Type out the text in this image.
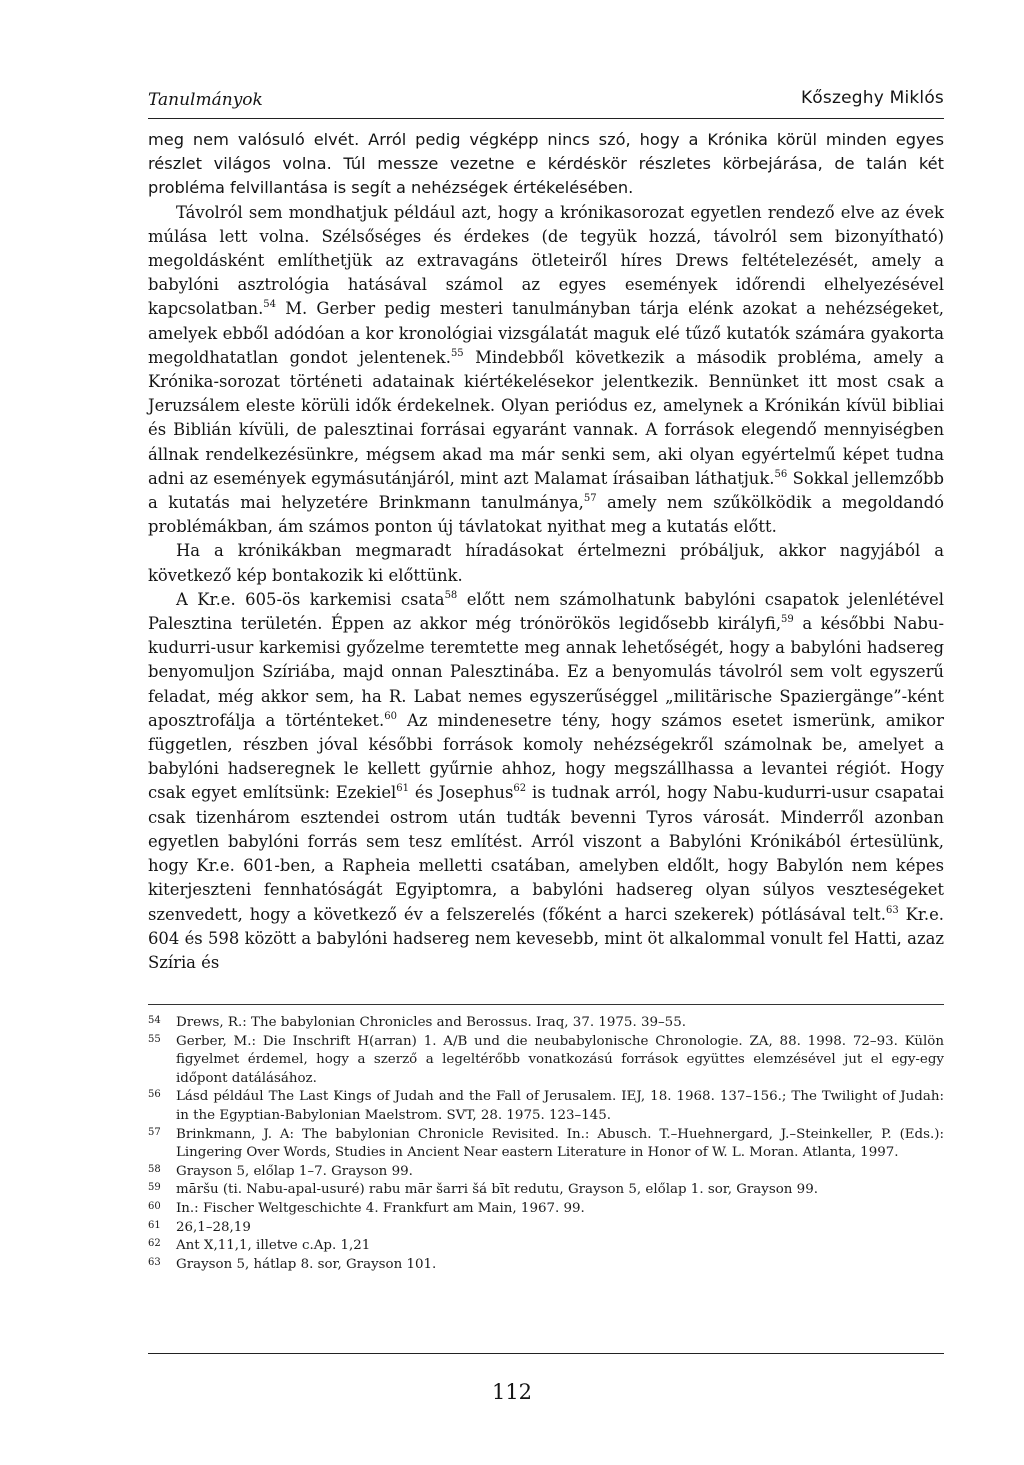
Tanulmányok	Kőszeghy Miklós

meg nem valósuló elvét. Arról pedig végképp nincs szó, hogy a Krónika körül minden egyes részlet világos volna. Túl messze vezetne e kérdéskör részletes körbejárása, de talán két probléma felvillantása is segít a nehézségek értékelésében.

Távolról sem mondhatjuk például azt, hogy a krónikasorozat egyetlen rendező elve az évek múlása lett volna. Szélsőséges és érdekes (de tegyük hozzá, távolról sem bizonyítható) megoldásként említhetjük az extravagáns ötleteiről híres Drews feltételezését, amely a babylóni asztrológia hatásával számol az egyes események időrendi elhelyezésével kapcsolatban.$^{54}$ M. Gerber pedig mesteri tanulmányban tárja elénk azokat a nehézségeket, amelyek ebből adódóan a kor kronológiai vizsgálatát maguk elé tűző kutatók számára gyakorta megoldhatatlan gondot jelentenek.$^{55}$ Mindebből következik a második probléma, amely a Krónika-sorozat történeti adatainak kiértékelésekor jelentkezik. Bennünket itt most csak a Jeruzsálem eleste körüli idők érdekelnek. Olyan periódus ez, amelynek a Krónikán kívül bibliai és Biblián kívüli, de palesztinai forrásai egyaránt vannak. A források elegendő mennyiségben állnak rendelkezésünkre, mégsem akad ma már senki sem, aki olyan egyértelmű képet tudna adni az események egymásutánjáról, mint azt Malamat írásaiban láthatjuk.$^{56}$ Sokkal jellemzőbb a kutatás mai helyzetére Brinkmann tanulmánya,$^{57}$ amely nem szűkölködik a megoldandó problémákban, ám számos ponton új távlatokat nyithat meg a kutatás előtt.

Ha a krónikákban megmaradt híradásokat értelmezni próbáljuk, akkor nagyjából a következő kép bontakozik ki előttünk.

A Kr.e. 605-ös karkemisi csata$^{58}$ előtt nem számolhatunk babylóni csapatok jelenlétével Palesztina területén. Éppen az akkor még trónörökös legidősebb királyfi,$^{59}$ a későbbi Nabu-kudurri-usur karkemisi győzelme teremtette meg annak lehetőségét, hogy a babylóni hadsereg benyomuljon Szíriába, majd onnan Palesztinába. Ez a benyomulás távolról sem volt egyszerű feladat, még akkor sem, ha R. Labat nemes egyszerűséggel „militärische Spaziergänge”-ként aposztrofálja a történteket.$^{60}$ Az mindenesetre tény, hogy számos esetet ismerünk, amikor független, részben jóval későbbi források komoly nehézségekről számolnak be, amelyet a babylóni hadseregnek le kellett gyűrnie ahhoz, hogy megszállhassa a levantei régiót. Hogy csak egyet említsünk: Ezekiel$^{61}$ és Josephus$^{62}$ is tudnak arról, hogy Nabu-kudurri-usur csapatai csak tizenhárom esztendei ostrom után tudták bevenni Tyros városát. Minderről azonban egyetlen babylóni forrás sem tesz említést. Arról viszont a Babylóni Krónikából értesülünk, hogy Kr.e. 601-ben, a Rapheia melletti csatában, amelyben eldőlt, hogy Babylón nem képes kiterjeszteni fennhatóságát Egyiptomra, a babylóni hadsereg olyan súlyos veszteségeket szenvedett, hogy a következő év a felszerelés (főként a harci szekerek) pótlásával telt.$^{63}$ Kr.e. 604 és 598 között a babylóni hadsereg nem kevesebb, mint öt alkalommal vonult fel Hatti, azaz Szíria és

54 Drews, R.: The babylonian Chronicles and Berossus. Iraq, 37. 1975. 39–55.
55 Gerber, M.: Die Inschrift H(arran) 1. A/B und die neubabylonische Chronologie. ZA, 88. 1998. 72–93. Külön figyelmet érdemel, hogy a szerző a legeltérőbb vonatkozású források együttes elemzésével jut el egy-egy időpont datálásához.
56 Lásd például The Last Kings of Judah and the Fall of Jerusalem. IEJ, 18. 1968. 137–156.; The Twilight of Judah: in the Egyptian-Babylonian Maelstrom. SVT, 28. 1975. 123–145.
57 Brinkmann, J. A: The babylonian Chronicle Revisited. In.: Abusch. T.–Huehnergard, J.–Steinkeller, P. (Eds.): Lingering Over Words, Studies in Ancient Near eastern Literature in Honor of W. L. Moran. Atlanta, 1997.
58 Grayson 5, előlap 1–7. Grayson 99.
59 māršu (ti. Nabu-apal-usuré) rabu mār šarri šá bīt redutu, Grayson 5, előlap 1. sor, Grayson 99.
60 In.: Fischer Weltgeschichte 4. Frankfurt am Main, 1967. 99.
61 26,1–28,19
62 Ant X,11,1, illetve c.Ap. 1,21
63 Grayson 5, hátlap 8. sor, Grayson 101.
112
